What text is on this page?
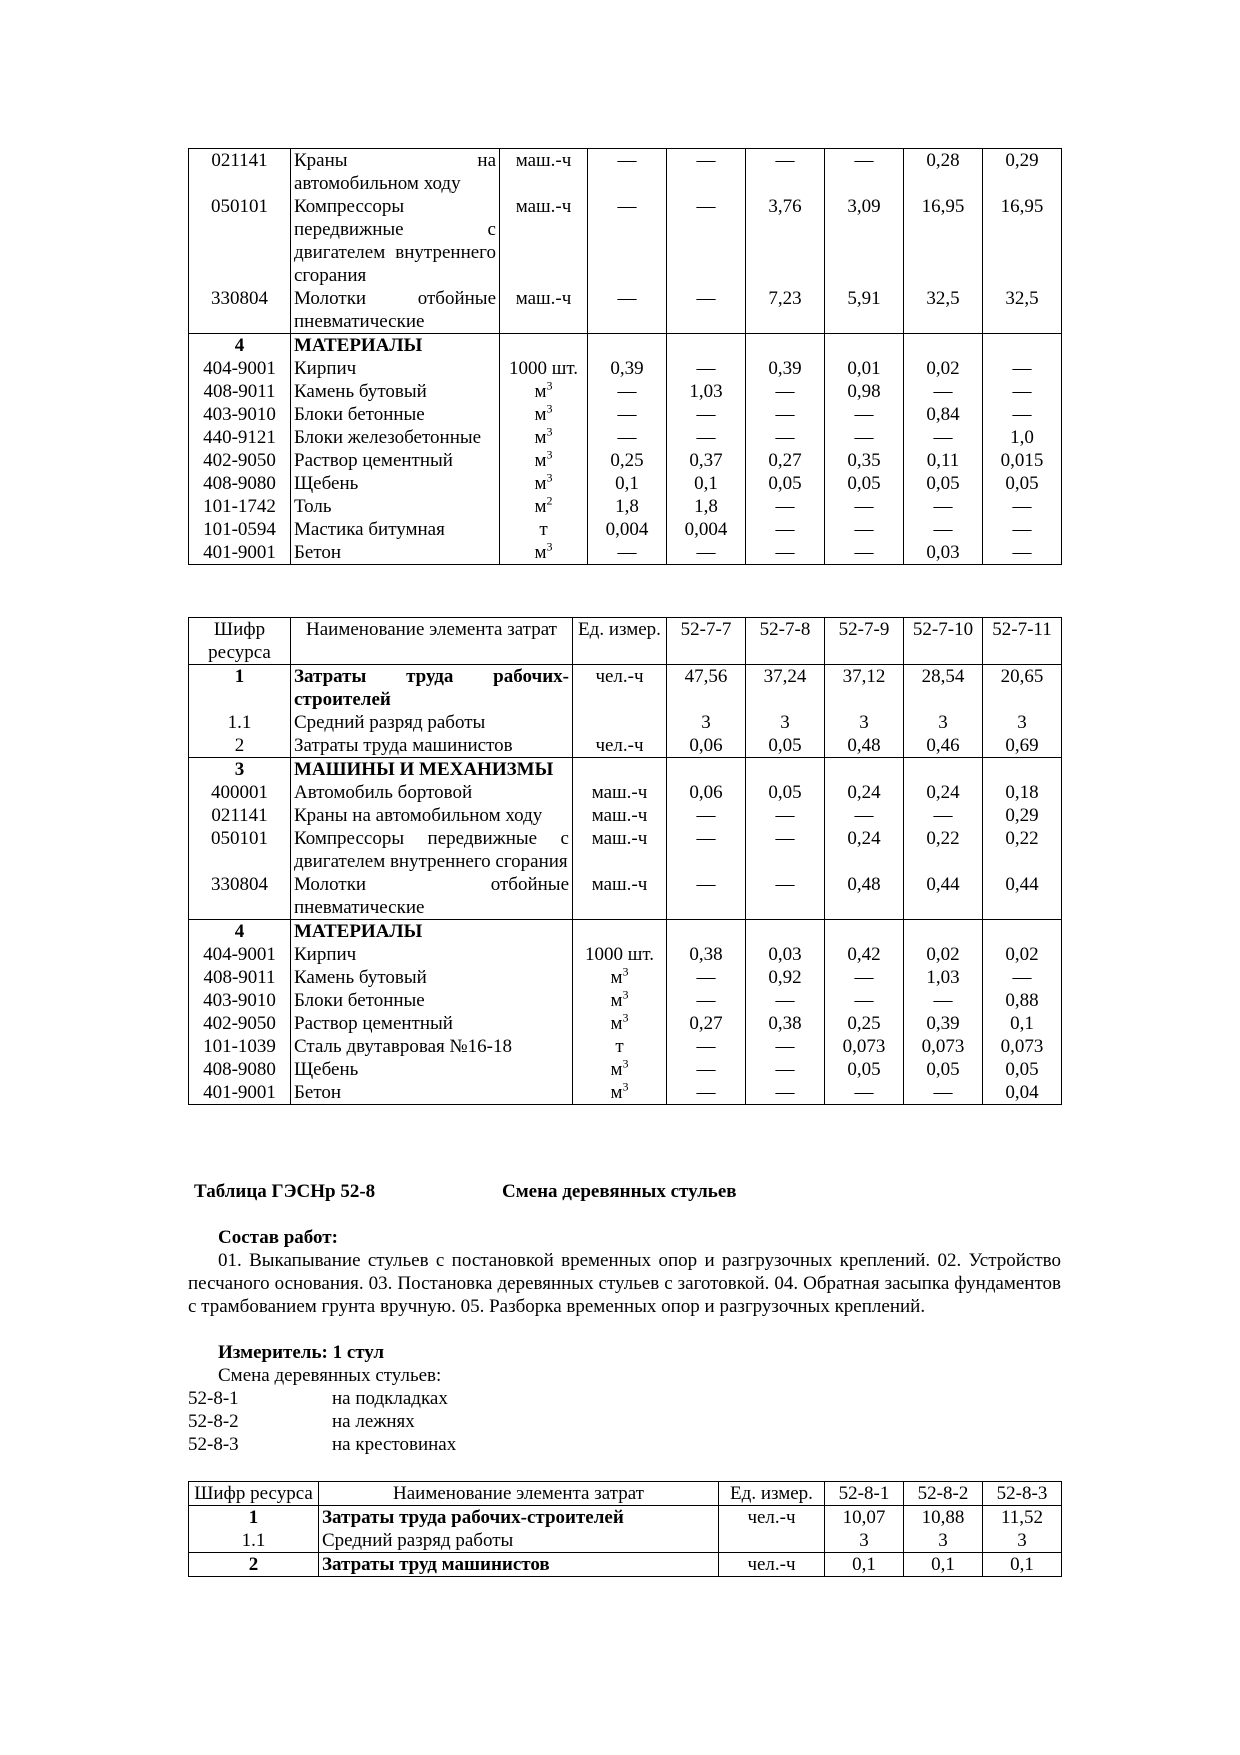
021141	Краны на автомобильном ходу	маш.-ч	—	—	—	—	0,28	0,29
050101	Компрессоры передвижные с двигателем внутреннего сгорания	маш.-ч	—	—	3,76	3,09	16,95	16,95
330804	Молотки отбойные пневматические	маш.-ч	—	—	7,23	5,91	32,5	32,5
4	МАТЕРИАЛЫ							
404-9001	Кирпич	1000 шт.	0,39	—	0,39	0,01	0,02	—
408-9011	Камень бутовый	$м^3$	—	1,03	—	0,98	—	—
403-9010	Блоки бетонные	$м^3$	—	—	—	—	0,84	—
440-9121	Блоки железобетонные	$м^3$	—	—	—	—	—	1,0
402-9050	Раствор цементный	$м^3$	0,25	0,37	0,27	0,35	0,11	0,015
408-9080	Щебень	$м^3$	0,1	0,1	0,05	0,05	0,05	0,05
101-1742	Толь	$м^2$	1,8	1,8	—	—	—	—
101-0594	Мастика битумная	т	0,004	0,004	—	—	—	—
401-9001	Бетон	$м^3$	—	—	—	—	0,03	—
Шифр ресурса	Наименование элемента затрат	Ед. измер.	52-7-7	52-7-8	52-7-9	52-7-10	52-7-11
1	Затраты труда рабочих-строителей	чел.-ч	47,56	37,24	37,12	28,54	20,65
1.1	Средний разряд работы		3	3	3	3	3
2	Затраты труда машинистов	чел.-ч	0,06	0,05	0,48	0,46	0,69
3	МАШИНЫ И МЕХАНИЗМЫ						
400001	Автомобиль бортовой	маш.-ч	0,06	0,05	0,24	0,24	0,18
021141	Краны на автомобильном ходу	маш.-ч	—	—	—	—	0,29
050101	Компрессоры передвижные с двигателем внутреннего сгорания	маш.-ч	—	—	0,24	0,22	0,22
330804	Молотки отбойные пневматические	маш.-ч	—	—	0,48	0,44	0,44
4	МАТЕРИАЛЫ						
404-9001	Кирпич	1000 шт.	0,38	0,03	0,42	0,02	0,02
408-9011	Камень бутовый	$м^3$	—	0,92	—	1,03	—
403-9010	Блоки бетонные	$м^3$	—	—	—	—	0,88
402-9050	Раствор цементный	$м^3$	0,27	0,38	0,25	0,39	0,1
101-1039	Сталь двутавровая №16-18	т	—	—	0,073	0,073	0,073
408-9080	Щебень	$м^3$	—	—	0,05	0,05	0,05
401-9001	Бетон	$м^3$	—	—	—	—	0,04
Таблица ГЭСНр 52-8	Смена деревянных стульев
Состав работ:
01. Выкапывание стульев с постановкой временных опор и разгрузочных креплений. 02. Устройство песчаного основания. 03. Постановка деревянных стульев с заготовкой. 04. Обратная засыпка фундаментов с трамбованием грунта вручную. 05. Разборка временных опор и разгрузочных креплений.
Измеритель: 1 стул
Смена деревянных стульев:
52-8-1	на подкладках
52-8-2	на лежнях
52-8-3	на крестовинах
Шифр ресурса	Наименование элемента затрат	Ед. измер.	52-8-1	52-8-2	52-8-3
1	Затраты труда рабочих-строителей	чел.-ч	10,07	10,88	11,52
1.1	Средний разряд работы		3	3	3
2	Затраты труд машинистов	чел.-ч	0,1	0,1	0,1
